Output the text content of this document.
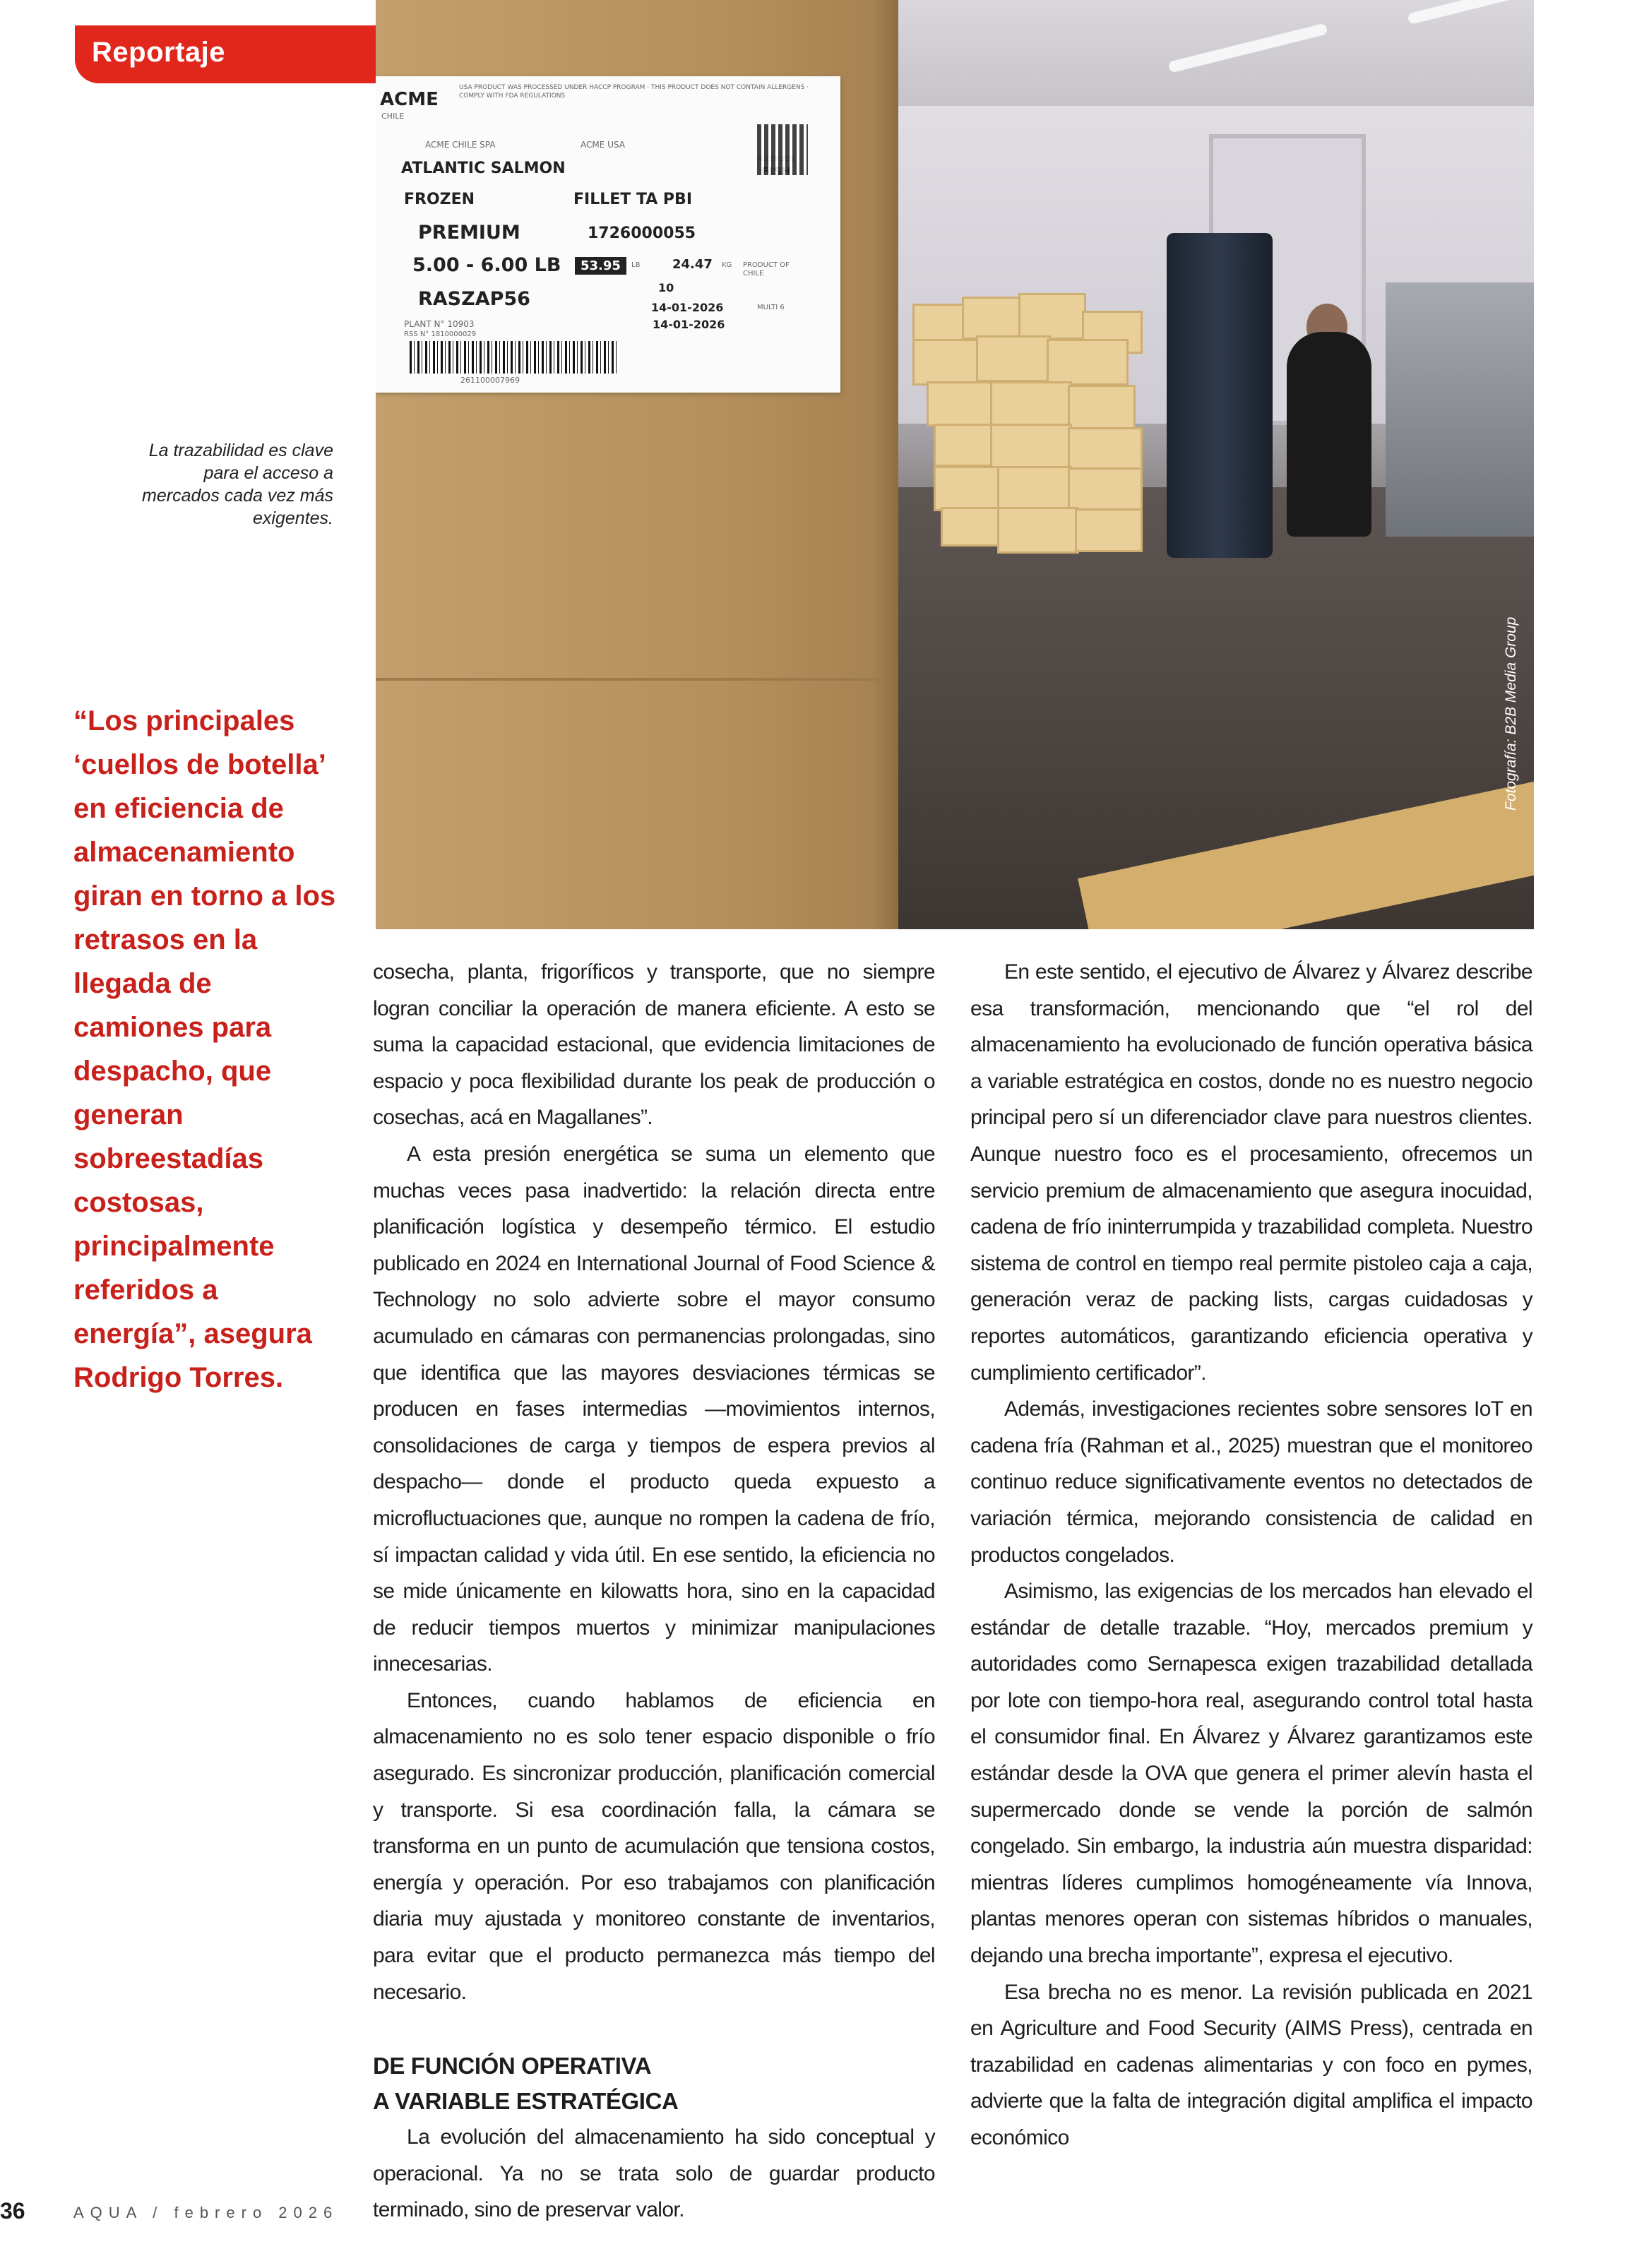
Reportaje
ACME
CHILE
USA PRODUCT WAS PROCESSED UNDER HACCP PROGRAM · THIS PRODUCT DOES NOT CONTAIN ALLERGENS · COMPLY WITH FDA REGULATIONS
ACME CHILE SPA	ACME USA
ATLANTIC SALMON
FROZEN	FILLET TA PBI
PREMIUM	1726000055
5.00 - 6.00 LB	53.95	LB	24.47 KG PRODUCT OF CHILE
10
RASZAP56	14-01-2026	MULTI 6
14-01-2026
PLANT N° 10903
RSS N° 1810000029
261100007969
Fotografía: B2B Media Group
La trazabilidad es clave para el acceso a mercados cada vez más exigentes.
“Los principales ‘cuellos de botella’ en eficiencia de almacenamiento giran en torno a los retrasos en la llegada de camiones para despacho, que generan sobreestadías costosas, principalmente referidos a energía”, asegura Rodrigo Torres.

cosecha, planta, frigoríficos y transporte, que no siempre logran conciliar la operación de manera eficiente. A esto se suma la capacidad estacional, que evidencia limitaciones de espacio y poca flexibilidad durante los peak de producción o cosechas, acá en Magallanes”.

A esta presión energética se suma un elemento que muchas veces pasa inadvertido: la relación directa entre planificación logística y desempeño térmico. El estudio publicado en 2024 en International Journal of Food Science & Technology no solo advierte sobre el mayor consumo acumulado en cámaras con permanencias prolongadas, sino que identifica que las mayores desviaciones térmicas se producen en fases intermedias —movimientos internos, consolidaciones de carga y tiempos de espera previos al despacho— donde el producto queda expuesto a microfluctuaciones que, aunque no rompen la cadena de frío, sí impactan calidad y vida útil. En ese sentido, la eficiencia no se mide únicamente en kilowatts hora, sino en la capacidad de reducir tiempos muertos y minimizar manipulaciones innecesarias.

Entonces, cuando hablamos de eficiencia en almacenamiento no es solo tener espacio disponible o frío asegurado. Es sincronizar producción, planificación comercial y transporte. Si esa coordinación falla, la cámara se transforma en un punto de acumulación que tensiona costos, energía y operación. Por eso trabajamos con planificación diaria muy ajustada y monitoreo constante de inventarios, para evitar que el producto permanezca más tiempo del necesario.

DE FUNCIÓN OPERATIVA
A VARIABLE ESTRATÉGICA

La evolución del almacenamiento ha sido conceptual y operacional. Ya no se trata solo de guardar producto terminado, sino de preservar valor.

En este sentido, el ejecutivo de Álvarez y Álvarez describe esa transformación, mencionando que “el rol del almacenamiento ha evolucionado de función operativa básica a variable estratégica en costos, donde no es nuestro negocio principal pero sí un diferenciador clave para nuestros clientes. Aunque nuestro foco es el procesamiento, ofrecemos un servicio premium de almacenamiento que asegura inocuidad, cadena de frío ininterrumpida y trazabilidad completa. Nuestro sistema de control en tiempo real permite pistoleo caja a caja, generación veraz de packing lists, cargas cuidadosas y reportes automáticos, garantizando eficiencia operativa y cumplimiento certificador”.

Además, investigaciones recientes sobre sensores IoT en cadena fría (Rahman et al., 2025) muestran que el monitoreo continuo reduce significativamente eventos no detectados de variación térmica, mejorando consistencia de calidad en productos congelados.

Asimismo, las exigencias de los mercados han elevado el estándar de detalle trazable. “Hoy, mercados premium y autoridades como Sernapesca exigen trazabilidad detallada por lote con tiempo-hora real, asegurando control total hasta el consumidor final. En Álvarez y Álvarez garantizamos este estándar desde la OVA que genera el primer alevín hasta el supermercado donde se vende la porción de salmón congelado. Sin embargo, la industria aún muestra disparidad: mientras líderes cumplimos homogéneamente vía Innova, plantas menores operan con sistemas híbridos o manuales, dejando una brecha importante”, expresa el ejecutivo.

Esa brecha no es menor. La revisión publicada en 2021 en Agriculture and Food Security (AIMS Press), centrada en trazabilidad en cadenas alimentarias y con foco en pymes, advierte que la falta de integración digital amplifica el impacto económico

36	AQUA / febrero 2026
